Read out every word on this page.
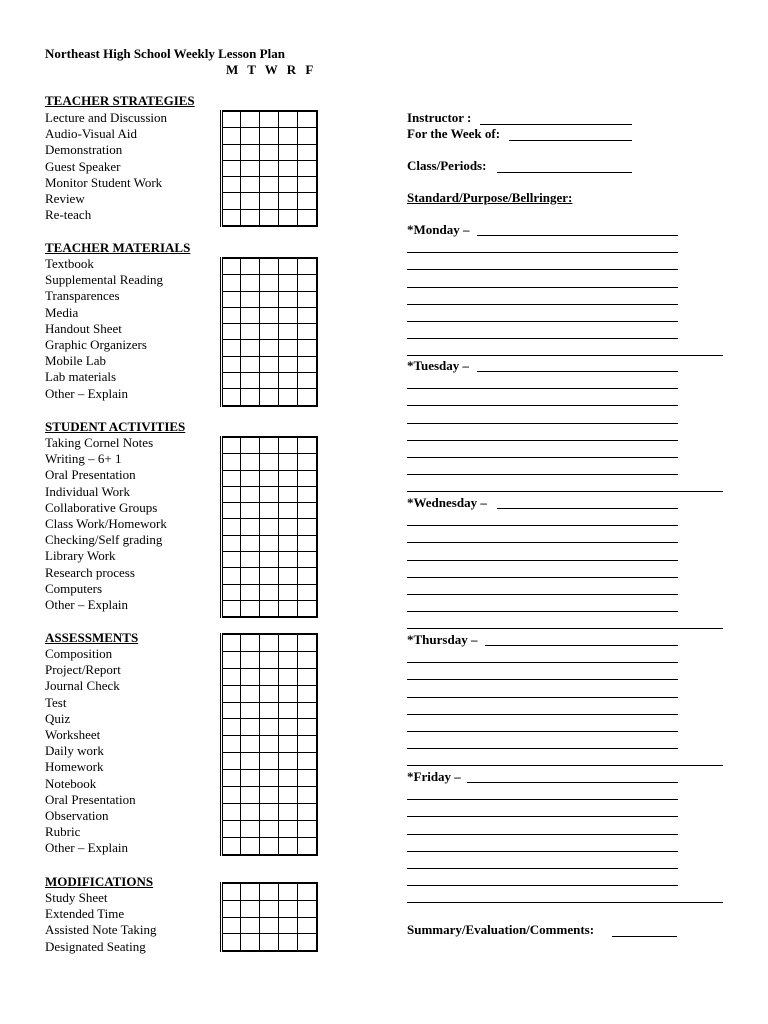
Northeast High School Weekly Lesson Plan
M T W R F
TEACHER STRATEGIES
Lecture and Discussion
Audio-Visual Aid
Demonstration
Guest Speaker
Monitor Student Work
Review
Re-teach

TEACHER MATERIALS
Textbook
Supplemental Reading
Transparences
Media
Handout Sheet
Graphic Organizers
Mobile Lab
Lab materials
Other – Explain

STUDENT ACTIVITIES
Taking Cornel Notes
Writing – 6+ 1
Oral Presentation
Individual Work
Collaborative Groups
Class Work/Homework
Checking/Self grading
Library Work
Research process
Computers
Other – Explain

ASSESSMENTS
Composition
Project/Report
Journal Check
Test
Quiz
Worksheet
Daily work
Homework
Notebook
Oral Presentation
Observation
Rubric
Other – Explain

MODIFICATIONS
Study Sheet
Extended Time
Assisted Note Taking
Designated Seating

Instructor :
For the Week of:
Class/Periods:
Standard/Purpose/Bellringer:
*Monday –
*Tuesday –
*Wednesday –
*Thursday –
*Friday –
Summary/Evaluation/Comments:
